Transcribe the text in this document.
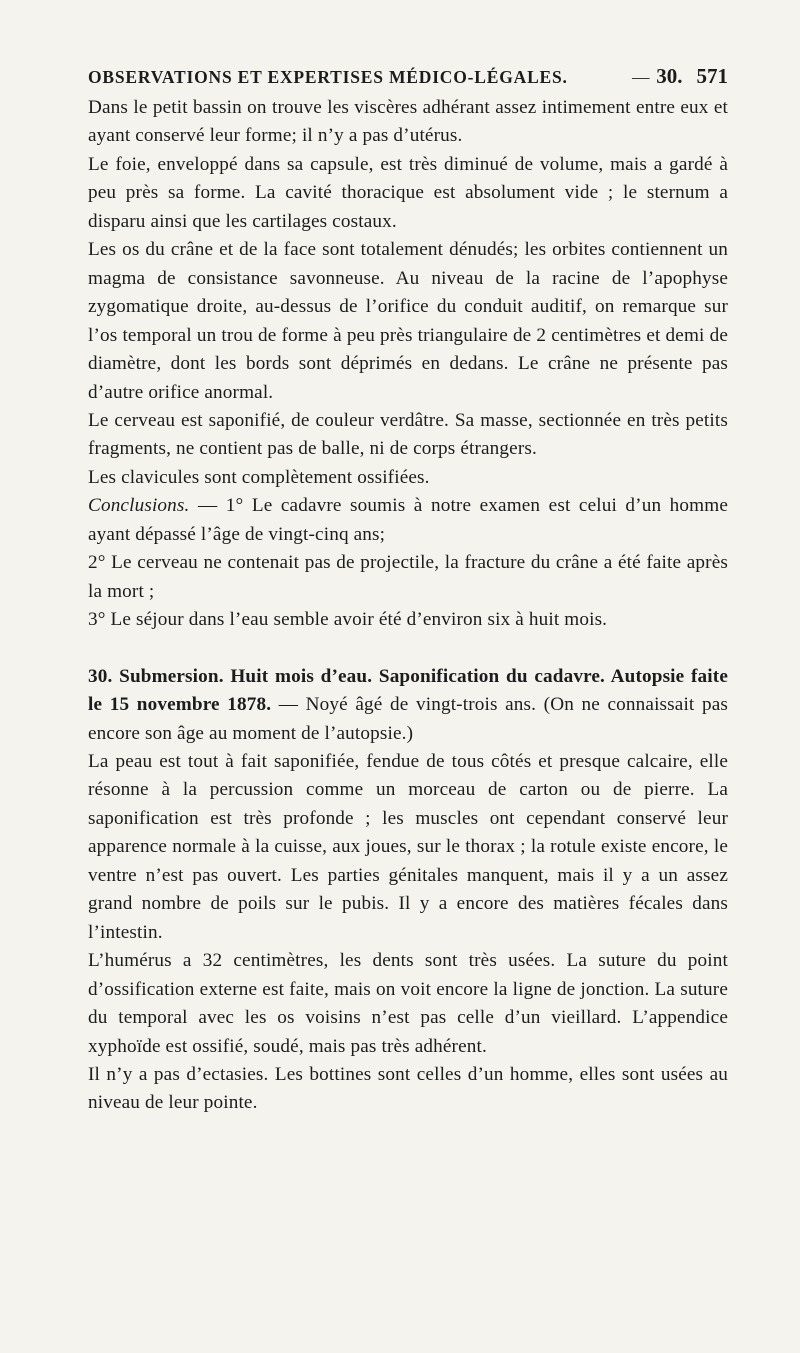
OBSERVATIONS ET EXPERTISES MÉDICO-LÉGALES.	— 30. 571

Dans le petit bassin on trouve les viscères adhérant assez intimement entre eux et ayant conservé leur forme; il n’y a pas d’utérus.

Le foie, enveloppé dans sa capsule, est très diminué de volume, mais a gardé à peu près sa forme. La cavité thoracique est absolument vide ; le sternum a disparu ainsi que les cartilages costaux.

Les os du crâne et de la face sont totalement dénudés; les orbites contiennent un magma de consistance savonneuse. Au niveau de la racine de l’apophyse zygomatique droite, au-dessus de l’orifice du conduit auditif, on remarque sur l’os temporal un trou de forme à peu près triangulaire de 2 centimètres et demi de diamètre, dont les bords sont déprimés en dedans. Le crâne ne présente pas d’autre orifice anormal.

Le cerveau est saponifié, de couleur verdâtre. Sa masse, sectionnée en très petits fragments, ne contient pas de balle, ni de corps étrangers.

Les clavicules sont complètement ossifiées.

Conclusions. — 1° Le cadavre soumis à notre examen est celui d’un homme ayant dépassé l’âge de vingt-cinq ans;

2° Le cerveau ne contenait pas de projectile, la fracture du crâne a été faite après la mort ;

3° Le séjour dans l’eau semble avoir été d’environ six à huit mois.

30. Submersion. Huit mois d’eau. Saponification du cadavre. Autopsie faite le 15 novembre 1878. — Noyé âgé de vingt-trois ans. (On ne connaissait pas encore son âge au moment de l’autopsie.)

La peau est tout à fait saponifiée, fendue de tous côtés et presque calcaire, elle résonne à la percussion comme un morceau de carton ou de pierre. La saponification est très profonde ; les muscles ont cependant conservé leur apparence normale à la cuisse, aux joues, sur le thorax ; la rotule existe encore, le ventre n’est pas ouvert. Les parties génitales manquent, mais il y a un assez grand nombre de poils sur le pubis. Il y a encore des matières fécales dans l’intestin.

L’humérus a 32 centimètres, les dents sont très usées. La suture du point d’ossification externe est faite, mais on voit encore la ligne de jonction. La suture du temporal avec les os voisins n’est pas celle d’un vieillard. L’appendice xyphoïde est ossifié, soudé, mais pas très adhérent.

Il n’y a pas d’ectasies. Les bottines sont celles d’un homme, elles sont usées au niveau de leur pointe.
